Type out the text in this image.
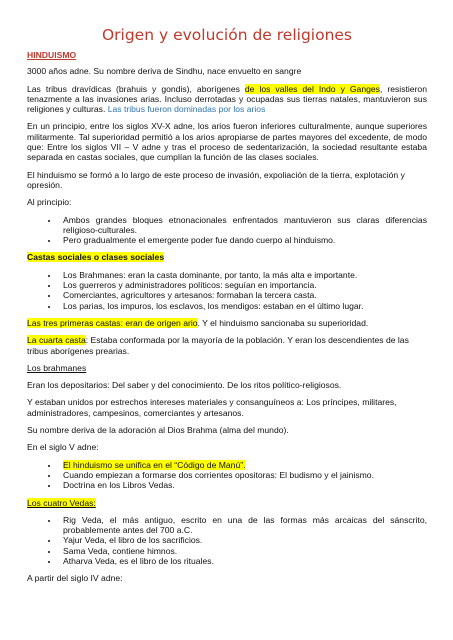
Origen y evolución de religiones

HINDUISMO

3000 años adne. Su nombre deriva de Sindhu, nace envuelto en sangre

Las tribus dravídicas (brahuis y gondis), aborígenes de los valles del Indo y Ganges, resistieron tenazmente a las invasiones arias. Incluso derrotadas y ocupadas sus tierras natales, mantuvieron sus religiones y culturas. Las tribus fueron dominadas por los arios

En un principio, entre los siglos XV-X adne, los arios fueron inferiores culturalmente, aunque superiores militarmente. Tal superioridad permitió a los arios apropiarse de partes mayores del excedente, de modo que: Entre los siglos VII – V adne y tras el proceso de sedentarización, la sociedad resultante estaba separada en castas sociales, que cumplían la función de las clases sociales.

El hinduismo se formó a lo largo de este proceso de invasión, expoliación de la tierra, explotación y opresión.

Al principio:

• Ambos grandes bloques etnonacionales enfrentados mantuvieron sus claras diferencias religioso-culturales.
• Pero gradualmente el emergente poder fue dando cuerpo al hinduismo.

Castas sociales o clases sociales

• Los Brahmanes: eran la casta dominante, por tanto, la más alta e importante.
• Los guerreros y administradores políticos: seguían en importancia.
• Comerciantes, agricultores y artesanos: formaban la tercera casta.
• Los parias, los impuros, los esclavos, los mendigos: estaban en el último lugar.

Las tres primeras castas: eran de origen ario. Y el hinduismo sancionaba su superioridad.

La cuarta casta: Estaba conformada por la mayoría de la población. Y eran los descendientes de las tribus aborígenes prearias.

Los brahmanes

Eran los depositarios: Del saber y del conocimiento. De los ritos político-religiosos.

Y estaban unidos por estrechos intereses materiales y consanguíneos a: Los príncipes, militares, administradores, campesinos, comerciantes y artesanos.

Su nombre deriva de la adoración al Dios Brahma (alma del mundo).

En el siglo V adne:

• El hinduismo se unifica en el “Código de Manú”.
• Cuando empiezan a formarse dos corrientes opositoras: El budismo y el jainismo.
• Doctrina en los Libros Vedas.

Los cuatro Vedas:

• Rig Veda, el más antiguo, escrito en una de las formas más arcaicas del sánscrito, probablemente antes del 700 a.C.
• Yajur Veda, el libro de los sacrificios.
• Sama Veda, contiene himnos.
• Atharva Veda, es el libro de los rituales.

A partir del siglo IV adne:
